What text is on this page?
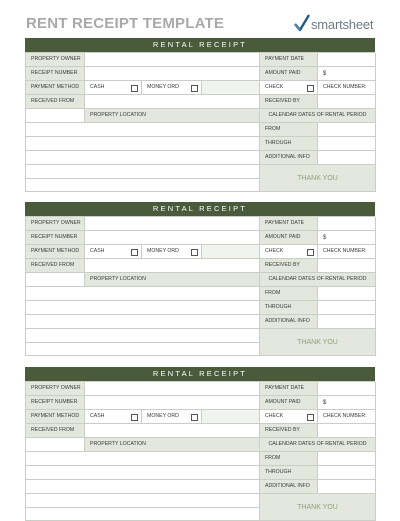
RENT RECEIPT TEMPLATE	smartsheet
RENTAL RECEIPT
PROPERTY OWNER	PAYMENT DATE
RECEIPT NUMBER	AMOUNT PAID	$
PAYMENT METHOD	CASH	MONEY ORD	CHECK	CHECK NUMBER:
RECEIVED FROM	RECEIVED BY
PROPERTY LOCATION	CALENDAR DATES OF RENTAL PERIOD
FROM
THROUGH
ADDITIONAL INFO
THANK YOU
RENTAL RECEIPT
PROPERTY OWNER	PAYMENT DATE
RECEIPT NUMBER	AMOUNT PAID	$
PAYMENT METHOD	CASH	MONEY ORD	CHECK	CHECK NUMBER:
RECEIVED FROM	RECEIVED BY
PROPERTY LOCATION	CALENDAR DATES OF RENTAL PERIOD
FROM
THROUGH
ADDITIONAL INFO
THANK YOU
RENTAL RECEIPT
PROPERTY OWNER	PAYMENT DATE
RECEIPT NUMBER	AMOUNT PAID	$
PAYMENT METHOD	CASH	MONEY ORD	CHECK	CHECK NUMBER:
RECEIVED FROM	RECEIVED BY
PROPERTY LOCATION	CALENDAR DATES OF RENTAL PERIOD
FROM
THROUGH
ADDITIONAL INFO
THANK YOU
